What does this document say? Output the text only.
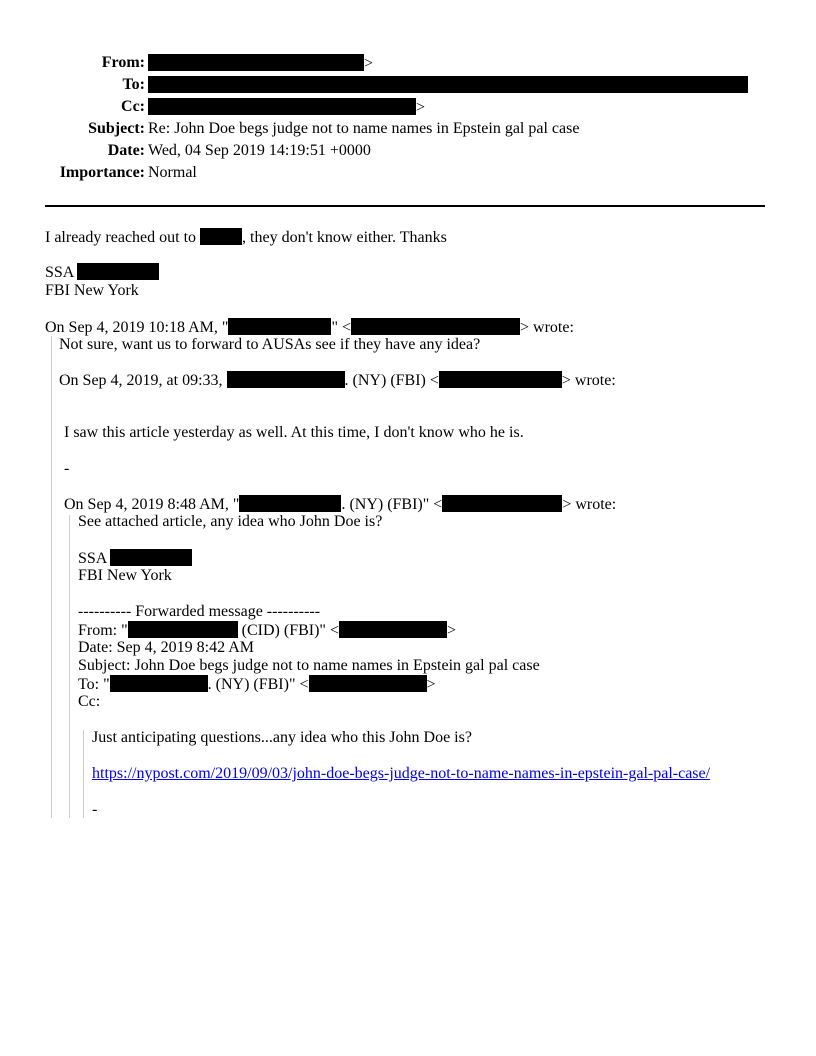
From:	>
To:
Cc:	>
Subject: Re: John Doe begs judge not to name names in Epstein gal pal case
Date: Wed, 04 Sep 2019 14:19:51 +0000
Importance: Normal
I already reached out to	, they don't know either. Thanks
SSA
FBI New York
On Sep 4, 2019 10:18 AM, "	" <	> wrote:
Not sure, want us to forward to AUSAs see if they have any idea?
On Sep 4, 2019, at 09:33,	. (NY) (FBI) <	> wrote:
I saw this article yesterday as well. At this time, I don't know who he is.
-
On Sep 4, 2019 8:48 AM, "	. (NY) (FBI)" <	> wrote:
See attached article, any idea who John Doe is?
SSA
FBI New York
---------- Forwarded message ----------
From: "	(CID) (FBI)" <	>
Date: Sep 4, 2019 8:42 AM
Subject: John Doe begs judge not to name names in Epstein gal pal case
To: "	. (NY) (FBI)" <	>
Cc:
Just anticipating questions...any idea who this John Doe is?
https://nypost.com/2019/09/03/john-doe-begs-judge-not-to-name-names-in-epstein-gal-pal-case/
-
